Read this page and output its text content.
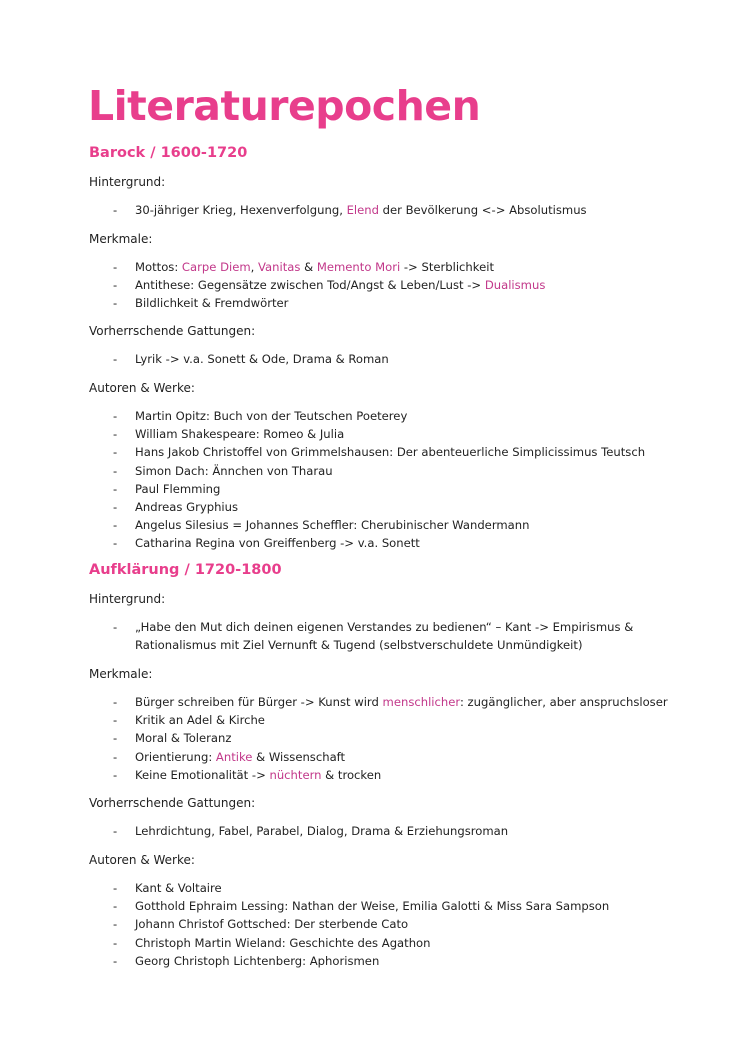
Literaturepochen
Barock / 1600-1720
Hintergrund:
- 30-jähriger Krieg, Hexenverfolgung, Elend der Bevölkerung <-> Absolutismus
Merkmale:
- Mottos: Carpe Diem, Vanitas & Memento Mori -> Sterblichkeit
- Antithese: Gegensätze zwischen Tod/Angst & Leben/Lust -> Dualismus
- Bildlichkeit & Fremdwörter
Vorherrschende Gattungen:
- Lyrik -> v.a. Sonett & Ode, Drama & Roman
Autoren & Werke:
- Martin Opitz: Buch von der Teutschen Poeterey
- William Shakespeare: Romeo & Julia
- Hans Jakob Christoffel von Grimmelshausen: Der abenteuerliche Simplicissimus Teutsch
- Simon Dach: Ännchen von Tharau
- Paul Flemming
- Andreas Gryphius
- Angelus Silesius = Johannes Scheffler: Cherubinischer Wandermann
- Catharina Regina von Greiffenberg -> v.a. Sonett
Aufklärung / 1720-1800
Hintergrund:
- „Habe den Mut dich deinen eigenen Verstandes zu bedienen“ – Kant -> Empirismus &
Rationalismus mit Ziel Vernunft & Tugend (selbstverschuldete Unmündigkeit)
Merkmale:
- Bürger schreiben für Bürger -> Kunst wird menschlicher: zugänglicher, aber anspruchsloser
- Kritik an Adel & Kirche
- Moral & Toleranz
- Orientierung: Antike & Wissenschaft
- Keine Emotionalität -> nüchtern & trocken
Vorherrschende Gattungen:
- Lehrdichtung, Fabel, Parabel, Dialog, Drama & Erziehungsroman
Autoren & Werke:
- Kant & Voltaire
- Gotthold Ephraim Lessing: Nathan der Weise, Emilia Galotti & Miss Sara Sampson
- Johann Christof Gottsched: Der sterbende Cato
- Christoph Martin Wieland: Geschichte des Agathon
- Georg Christoph Lichtenberg: Aphorismen
